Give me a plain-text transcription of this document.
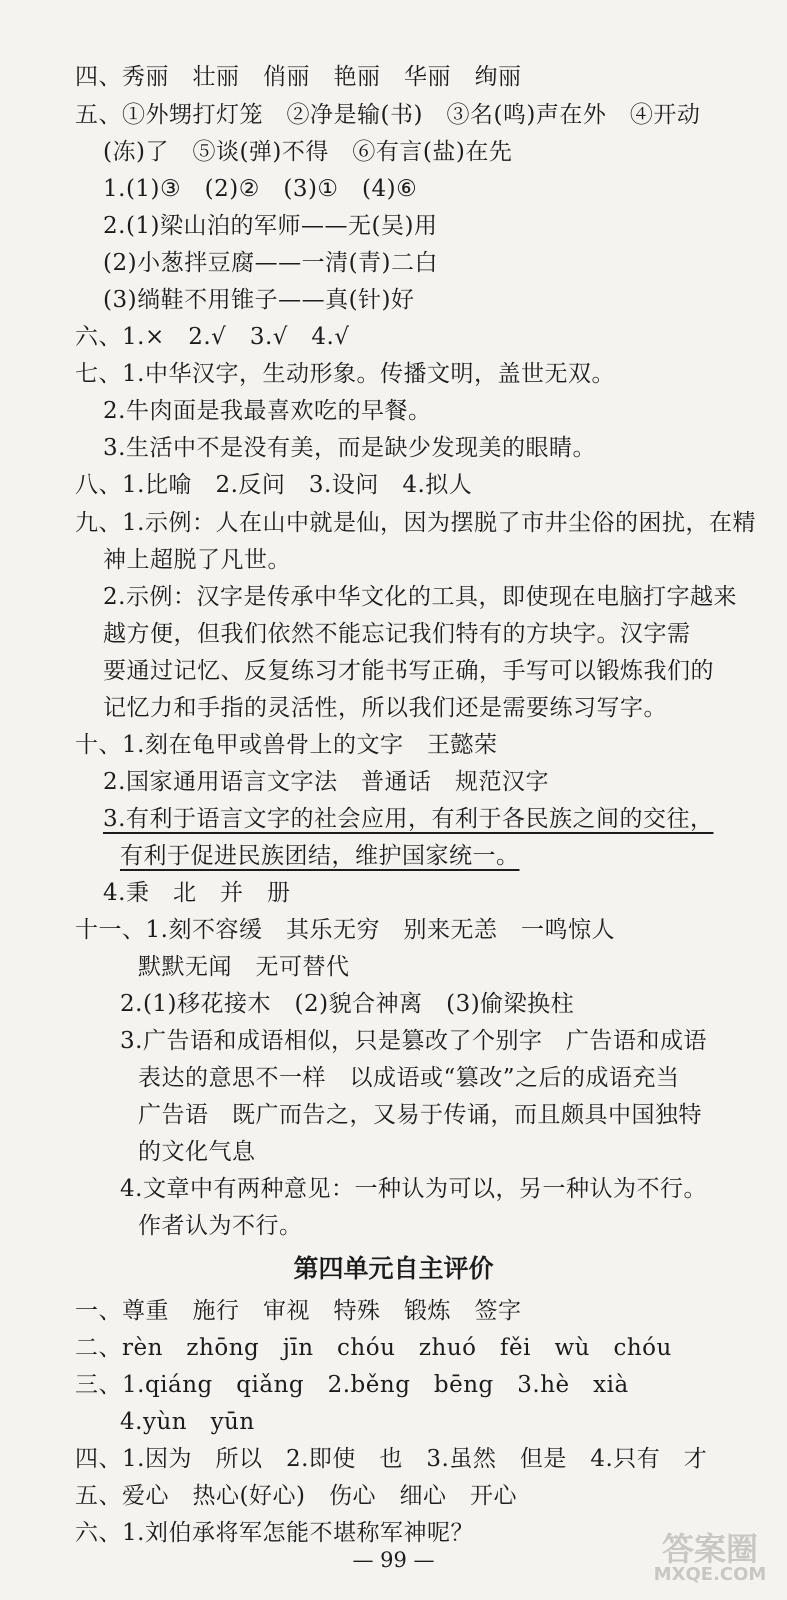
四、秀丽　壮丽　俏丽　艳丽　华丽　绚丽
五、①外甥打灯笼　②净是输(书)　③名(鸣)声在外　④开动
(冻)了　⑤谈(弹)不得　⑥有言(盐)在先
1.(1)③　(2)②　(3)①　(4)⑥
2.(1)梁山泊的军师——无(吴)用
(2)小葱拌豆腐——一清(青)二白
(3)绱鞋不用锥子——真(针)好
六、1.×　2.√　3.√　4.√
七、1.中华汉字，生动形象。传播文明，盖世无双。
2.牛肉面是我最喜欢吃的早餐。
3.生活中不是没有美，而是缺少发现美的眼睛。
八、1.比喻　2.反问　3.设问　4.拟人
九、1.示例：人在山中就是仙，因为摆脱了市井尘俗的困扰，在精
神上超脱了凡世。
2.示例：汉字是传承中华文化的工具，即使现在电脑打字越来
越方便，但我们依然不能忘记我们特有的方块字。汉字需
要通过记忆、反复练习才能书写正确，手写可以锻炼我们的
记忆力和手指的灵活性，所以我们还是需要练习写字。
十、1.刻在龟甲或兽骨上的文字　王懿荣
2.国家通用语言文字法　普通话　规范汉字
3.有利于语言文字的社会应用，有利于各民族之间的交往，
有利于促进民族团结，维护国家统一。
4.秉　北　并　册
十一、1.刻不容缓　其乐无穷　别来无恙　一鸣惊人
默默无闻　无可替代
2.(1)移花接木　(2)貌合神离　(3)偷梁换柱
3.广告语和成语相似，只是篡改了个别字　广告语和成语
表达的意思不一样　以成语或“篡改”之后的成语充当
广告语　既广而告之，又易于传诵，而且颇具中国独特
的文化气息
4.文章中有两种意见：一种认为可以，另一种认为不行。
作者认为不行。
第四单元自主评价
一、尊重　施行　审视　特殊　锻炼　签字
二、rèn　zhōng　jīn　chóu　zhuó　fěi　wù　chóu
三、1.qiáng　qiǎng　2.běng　bēng　3.hè　xià
4.yùn　yūn
四、1.因为　所以　2.即使　也　3.虽然　但是　4.只有　才
五、爱心　热心(好心)　伤心　细心　开心
六、1.刘伯承将军怎能不堪称军神呢？
— 99 —	答案圈
MXQE.COM
